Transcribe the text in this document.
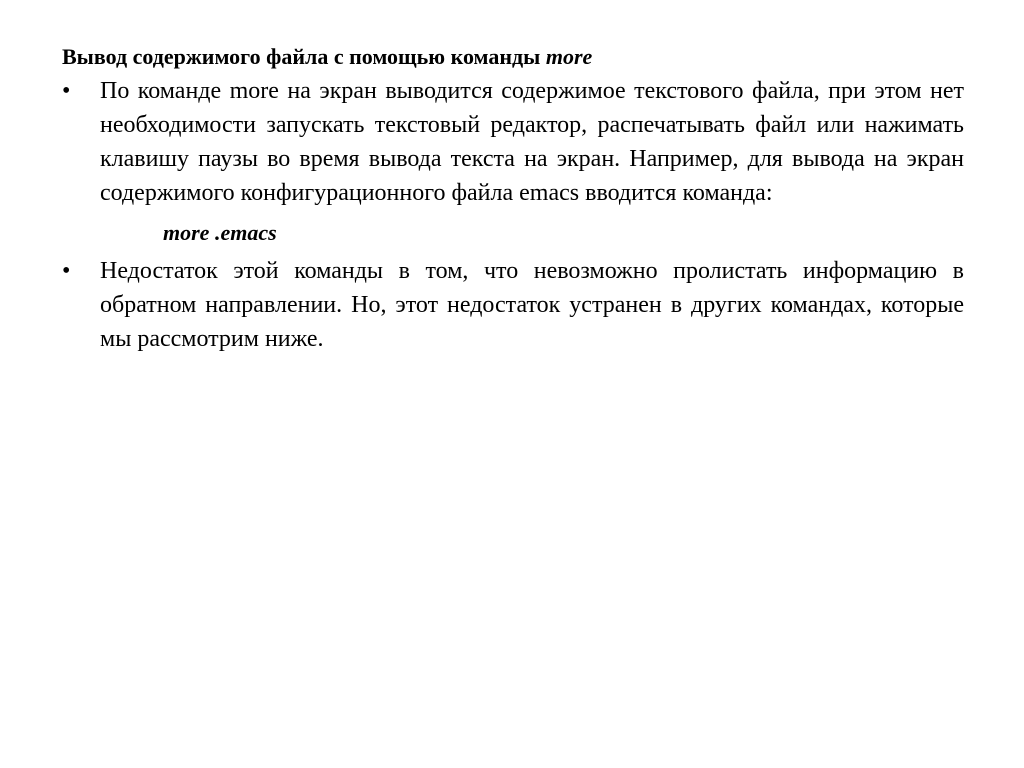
Вывод содержимого файла с помощью команды more

•	По команде more на экран выводится содержимое текстового файла, при этом нет необходимости запускать текстовый редактор, распечатывать файл или нажимать клавишу паузы во время вывода текста на экран. Например, для вывода на экран содержимого конфигурационного файла emacs вводится команда:

more .emacs
•	Недостаток этой команды в том, что невозможно пролистать информацию в обратном направлении. Но, этот недостаток устранен в других командах, которые мы рассмотрим ниже.
